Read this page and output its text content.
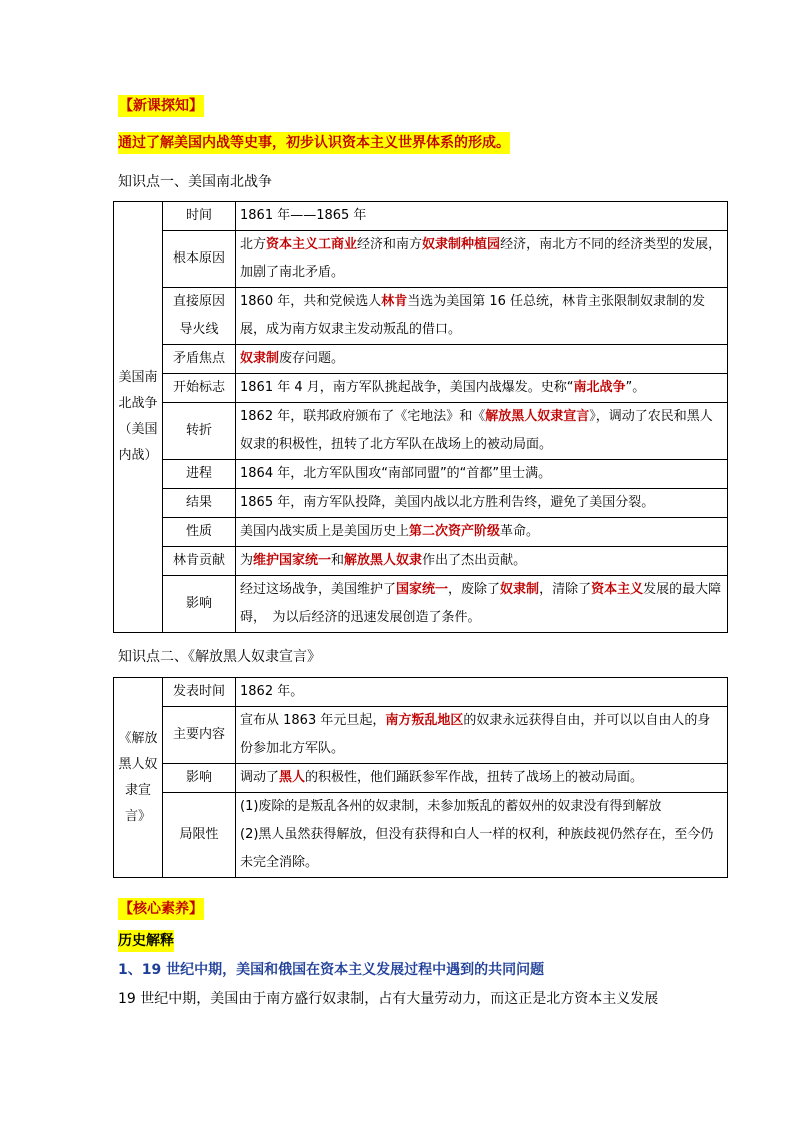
【新课探知】
通过了解美国内战等史事，初步认识资本主义世界体系的形成。
知识点一、美国南北战争
美国南北战争（美国内战）	时间	1861 年——1865 年
	根本原因	北方资本主义工商业经济和南方奴隶制种植园经济，南北方不同的经济类型的发展，加剧了南北矛盾。
	直接原因导火线	1860 年，共和党候选人林肯当选为美国第 16 任总统，林肯主张限制奴隶制的发展，成为南方奴隶主发动叛乱的借口。
	矛盾焦点	奴隶制废存问题。
	开始标志	1861 年 4 月，南方军队挑起战争，美国内战爆发。史称“南北战争”。
	转折	1862 年，联邦政府颁布了《宅地法》和《解放黑人奴隶宣言》，调动了农民和黑人奴隶的积极性，扭转了北方军队在战场上的被动局面。
	进程	1864 年，北方军队围攻“南部同盟”的“首都”里士满。
	结果	1865 年，南方军队投降，美国内战以北方胜利告终，避免了美国分裂。
	性质	美国内战实质上是美国历史上第二次资产阶级革命。
	林肯贡献	为维护国家统一和解放黑人奴隶作出了杰出贡献。
	影响	经过这场战争，美国维护了国家统一，废除了奴隶制，清除了资本主义发展的最大障碍，　为以后经济的迅速发展创造了条件。
知识点二、《解放黑人奴隶宣言》
《解放黑人奴隶宣言》	发表时间	1862 年。
	主要内容	宣布从 1863 年元旦起，南方叛乱地区的奴隶永远获得自由，并可以以自由人的身份参加北方军队。
	影响	调动了黑人的积极性，他们踊跃参军作战，扭转了战场上的被动局面。
	局限性	(1)废除的是叛乱各州的奴隶制，未参加叛乱的蓄奴州的奴隶没有得到解放
(2)黑人虽然获得解放，但没有获得和白人一样的权利，种族歧视仍然存在，至今仍未完全消除。
【核心素养】
历史解释
1、19 世纪中期，美国和俄国在资本主义发展过程中遇到的共同问题
19 世纪中期，美国由于南方盛行奴隶制，占有大量劳动力，而这正是北方资本主义发展
